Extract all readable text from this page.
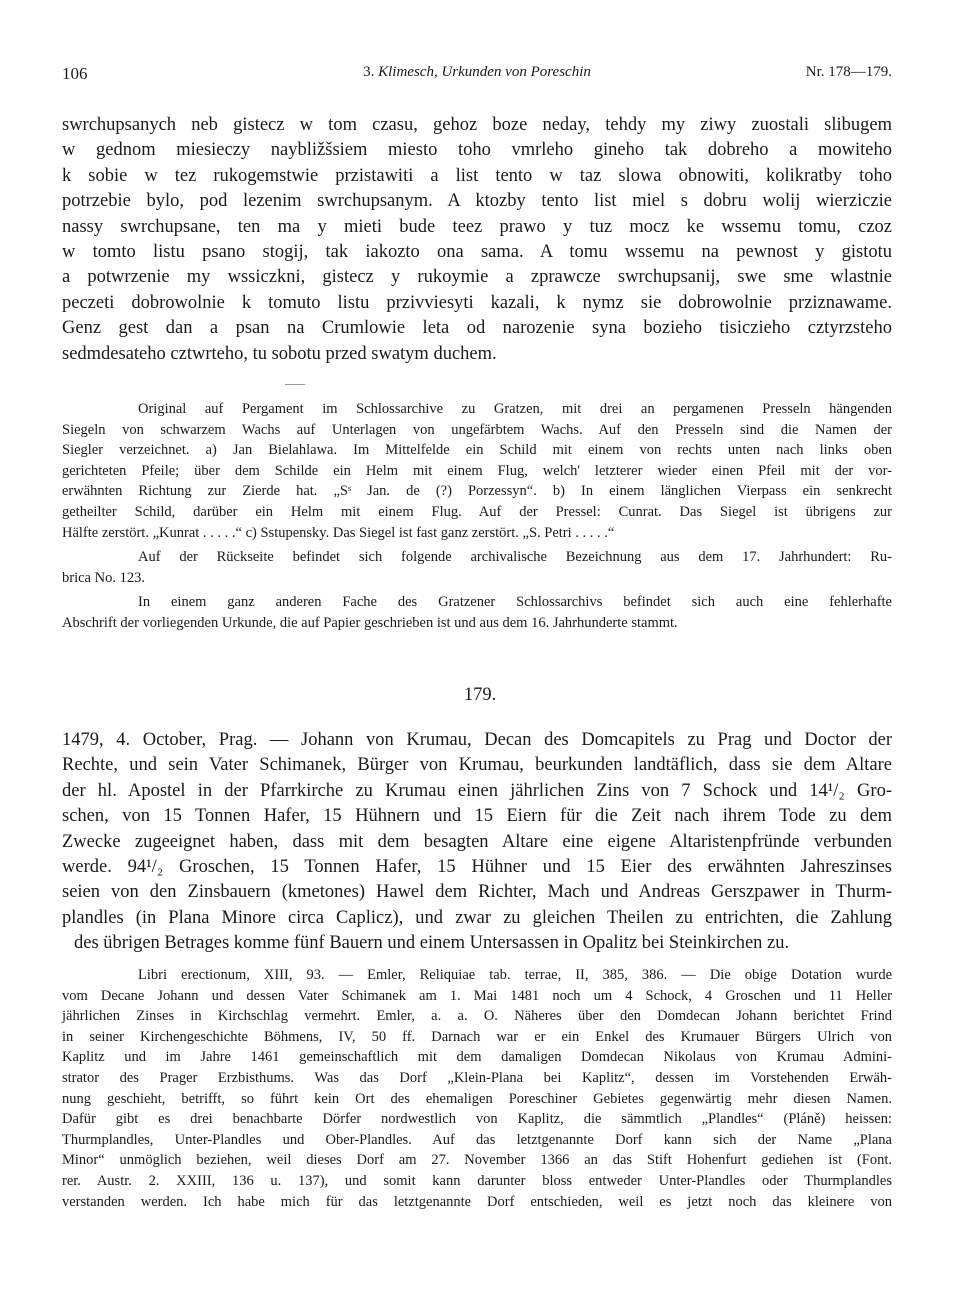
106	3. Klimesch, Urkunden von Poreschin	Nr. 178—179.
swrchupsanych neb gistecz w tom czasu, gehoz boze neday, tehdy my ziwy zuostali slibugem
w gednom miesieczy naybližšsiem miesto toho vmrleho gineho tak dobreho a mowiteho
k sobie w tez rukogemstwie przistawiti a list tento w taz slowa obnowiti, kolikratby toho
potrzebie bylo, pod lezenim swrchupsanym. A ktozby tento list miel s dobru wolij wierziczie
nassy swrchupsane, ten ma y mieti bude teez prawo y tuz mocz ke wssemu tomu, czoz
w tomto listu psano stogij, tak iakozto ona sama. A tomu wssemu na pewnost y gistotu
a potwrzenie my wssiczkni, gistecz y rukoymie a zprawcze swrchupsanij, swe sme wlastnie
peczeti dobrowolnie k tomuto listu przivviesyti kazali, k nymz sie dobrowolnie prziznawame.
Genz gest dan a psan na Crumlowie leta od narozenie syna bozieho tisiczieho cztyrzsteho
sedmdesateho cztwrteho, tu sobotu przed swatym duchem.
Original auf Pergament im Schlossarchive zu Gratzen, mit drei an pergamenen Presseln hängenden
Siegeln von schwarzem Wachs auf Unterlagen von ungefärbtem Wachs. Auf den Presseln sind die Namen der
Siegler verzeichnet. a) Jan Bielahlawa. Im Mittelfelde ein Schild mit einem von rechts unten nach links oben
gerichteten Pfeile; über dem Schilde ein Helm mit einem Flug, welch' letzterer wieder einen Pfeil mit der vor-
erwähnten Richtung zur Zierde hat. „Sˢ Jan. de (?) Porzessyn“. b) In einem länglichen Vierpass ein senkrecht
getheilter Schild, darüber ein Helm mit einem Flug. Auf der Pressel: Cunrat. Das Siegel ist übrigens zur
Hälfte zerstört. „Kunrat . . . . .“ c) Sstupensky. Das Siegel ist fast ganz zerstört. „S. Petri . . . . .“
Auf der Rückseite befindet sich folgende archivalische Bezeichnung aus dem 17. Jahrhundert: Ru-
brica No. 123.
In einem ganz anderen Fache des Gratzener Schlossarchivs befindet sich auch eine fehlerhafte
Abschrift der vorliegenden Urkunde, die auf Papier geschrieben ist und aus dem 16. Jahrhunderte stammt.
179.
1479, 4. October, Prag. — Johann von Krumau, Decan des Domcapitels zu Prag und Doctor der
Rechte, und sein Vater Schimanek, Bürger von Krumau, beurkunden landtäflich, dass sie dem Altare
der hl. Apostel in der Pfarrkirche zu Krumau einen jährlichen Zins von 7 Schock und 14¹/₂ Gro-
schen, von 15 Tonnen Hafer, 15 Hühnern und 15 Eiern für die Zeit nach ihrem Tode zu dem
Zwecke zugeeignet haben, dass mit dem besagten Altare eine eigene Altaristenpfründe verbunden
werde. 94¹/₂ Groschen, 15 Tonnen Hafer, 15 Hühner und 15 Eier des erwähnten Jahreszinses
seien von den Zinsbauern (kmetones) Hawel dem Richter, Mach und Andreas Gerszpawer in Thurm-
plandles (in Plana Minore circa Caplicz), und zwar zu gleichen Theilen zu entrichten, die Zahlung
des übrigen Betrages komme fünf Bauern und einem Untersassen in Opalitz bei Steinkirchen zu.
Libri erectionum, XIII, 93. — Emler, Reliquiae tab. terrae, II, 385, 386. — Die obige Dotation wurde
vom Decane Johann und dessen Vater Schimanek am 1. Mai 1481 noch um 4 Schock, 4 Groschen und 11 Heller
jährlichen Zinses in Kirchschlag vermehrt. Emler, a. a. O. Näheres über den Domdecan Johann berichtet Frind
in seiner Kirchengeschichte Böhmens, IV, 50 ff. Darnach war er ein Enkel des Krumauer Bürgers Ulrich von
Kaplitz und im Jahre 1461 gemeinschaftlich mit dem damaligen Domdecan Nikolaus von Krumau Admini-
strator des Prager Erzbisthums. Was das Dorf „Klein-Plana bei Kaplitz“, dessen im Vorstehenden Erwäh-
nung geschieht, betrifft, so führt kein Ort des ehemaligen Poreschiner Gebietes gegenwärtig mehr diesen Namen.
Dafür gibt es drei benachbarte Dörfer nordwestlich von Kaplitz, die sämmtlich „Plandles“ (Pláně) heissen:
Thurmplandles, Unter-Plandles und Ober-Plandles. Auf das letztgenannte Dorf kann sich der Name „Plana
Minor“ unmöglich beziehen, weil dieses Dorf am 27. November 1366 an das Stift Hohenfurt gediehen ist (Font.
rer. Austr. 2. XXIII, 136 u. 137), und somit kann darunter bloss entweder Unter-Plandles oder Thurmplandles
verstanden werden. Ich habe mich für das letztgenannte Dorf entschieden, weil es jetzt noch das kleinere von
